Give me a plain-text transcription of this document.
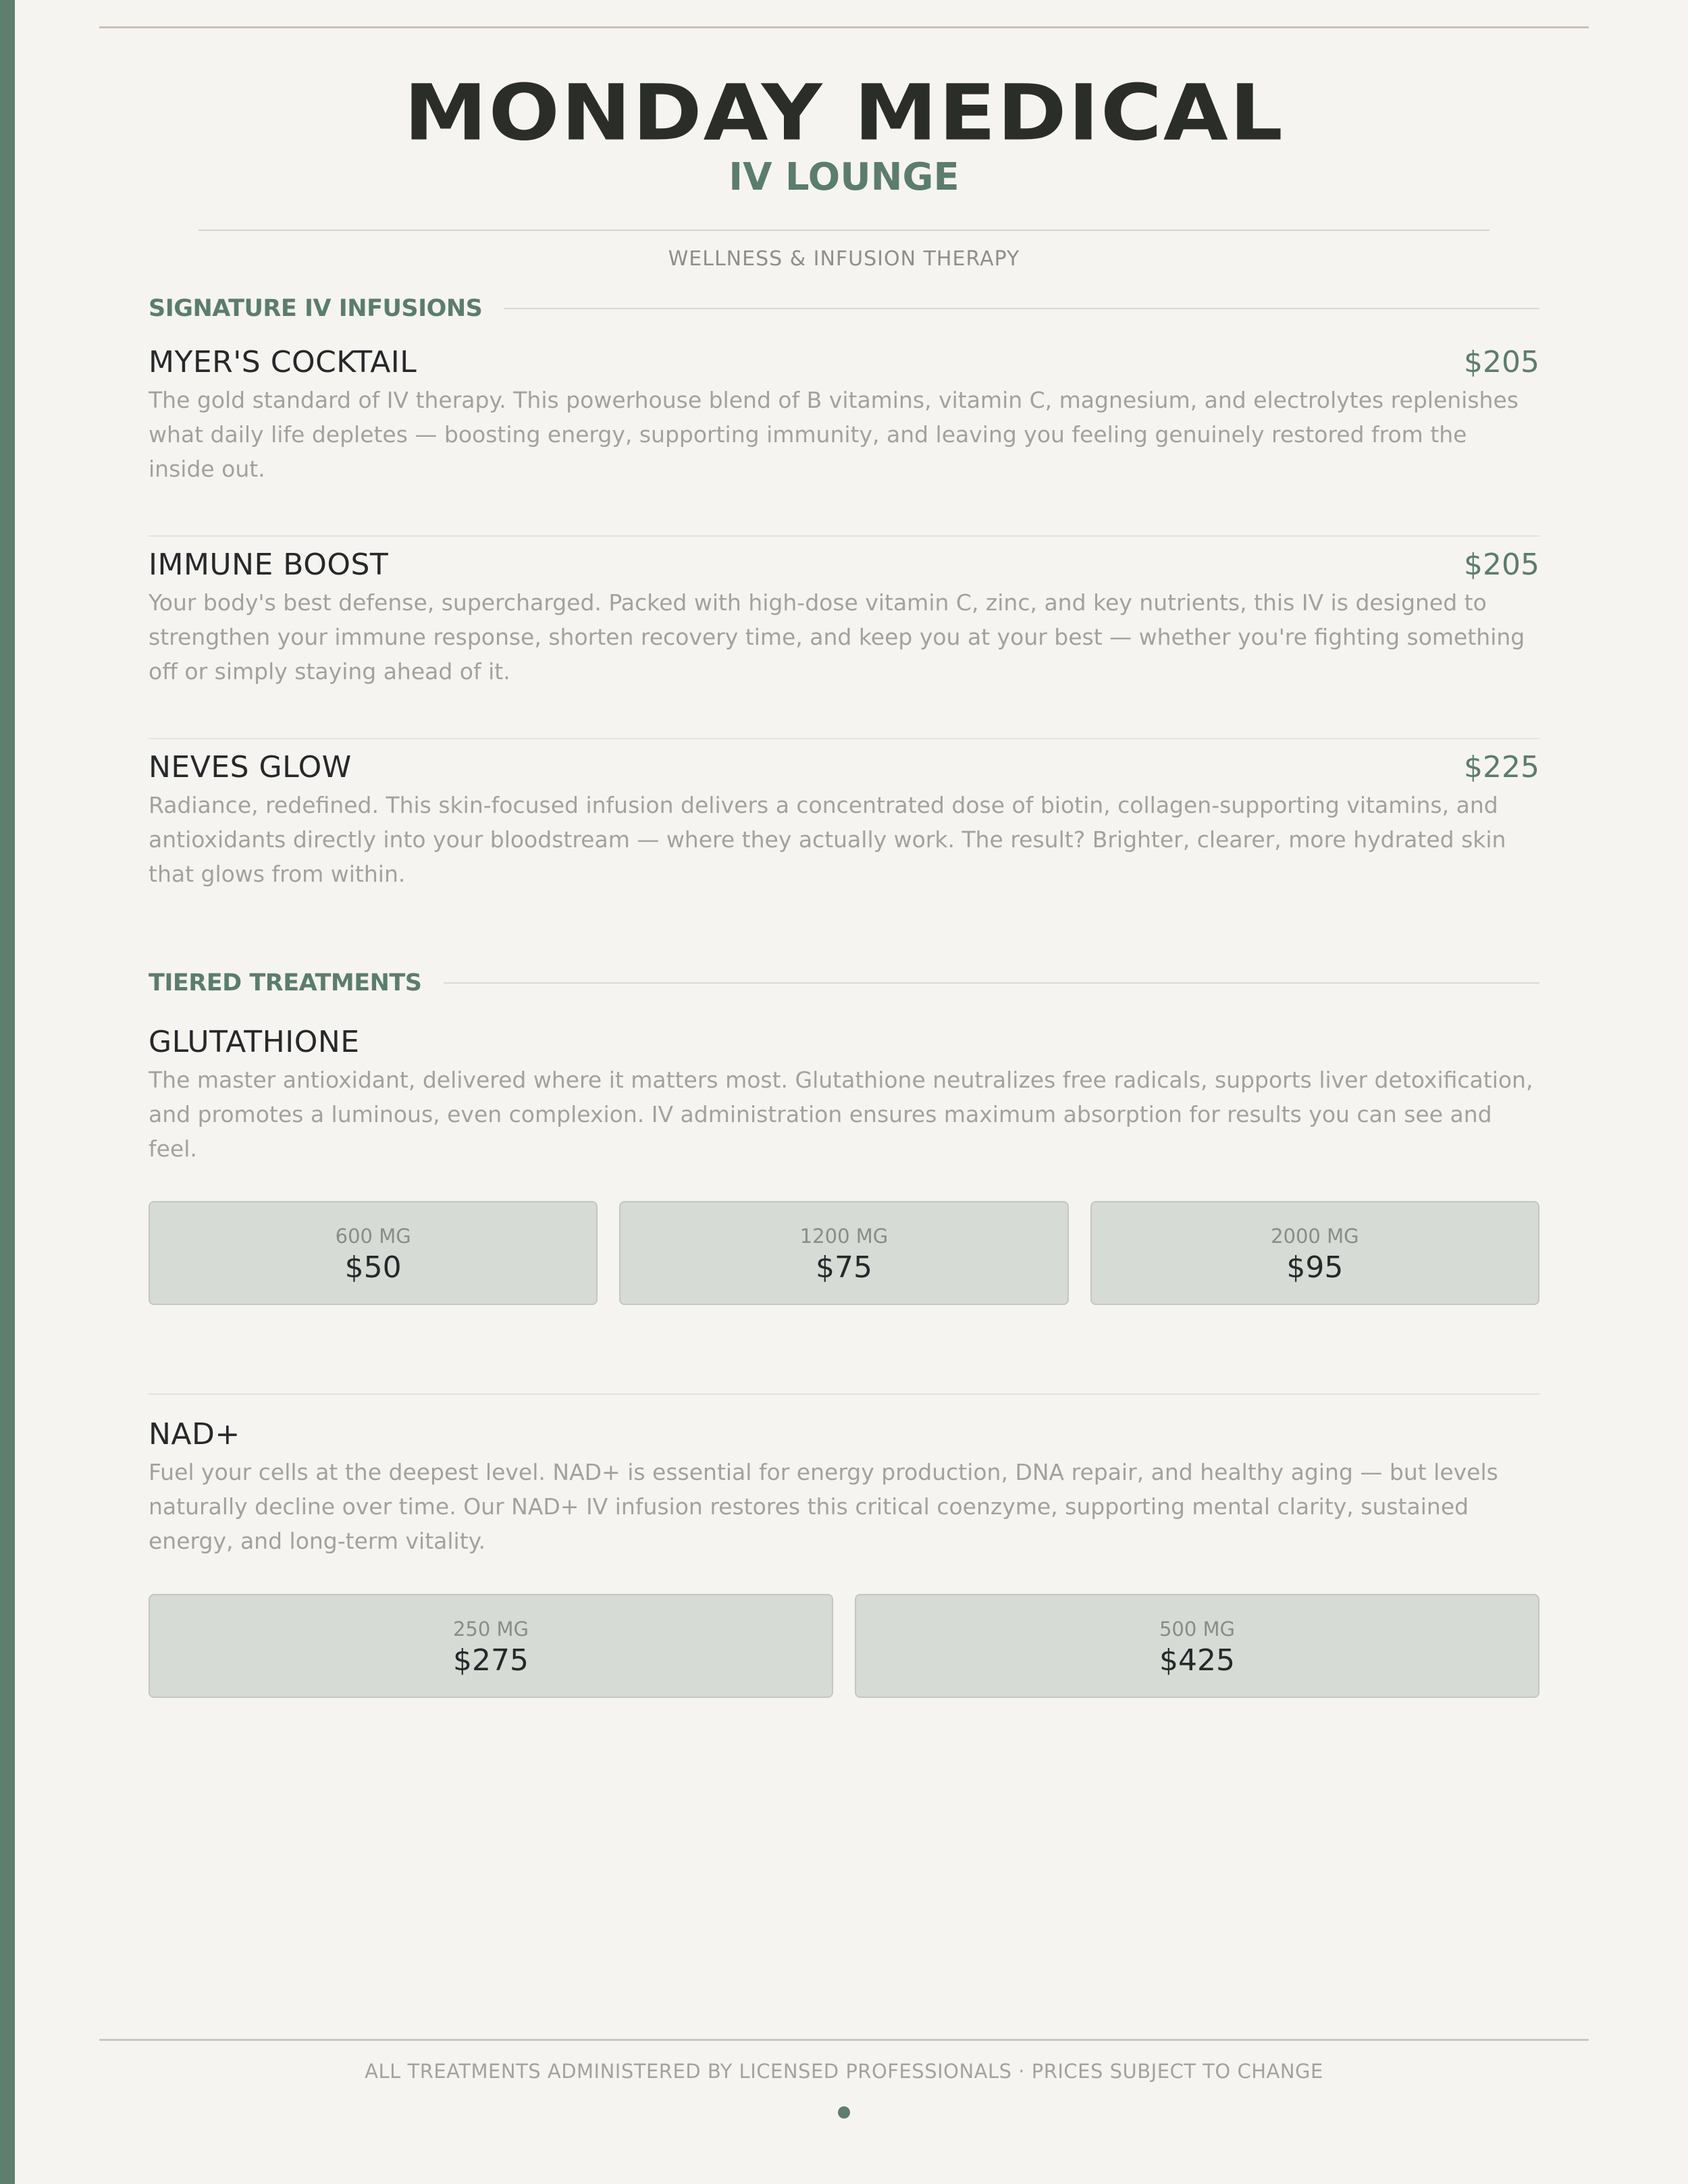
MONDAY MEDICAL
IV LOUNGE
WELLNESS & INFUSION THERAPY
SIGNATURE IV INFUSIONS
MYER'S COCKTAIL	$205
The gold standard of IV therapy. This powerhouse blend of B vitamins, vitamin C, magnesium, and electrolytes replenishes what daily life depletes — boosting energy, supporting immunity, and leaving you feeling genuinely restored from the inside out.
IMMUNE BOOST	$205
Your body's best defense, supercharged. Packed with high-dose vitamin C, zinc, and key nutrients, this IV is designed to strengthen your immune response, shorten recovery time, and keep you at your best — whether you're fighting something off or simply staying ahead of it.
NEVES GLOW	$225
Radiance, redefined. This skin-focused infusion delivers a concentrated dose of biotin, collagen-supporting vitamins, and antioxidants directly into your bloodstream — where they actually work. The result? Brighter, clearer, more hydrated skin that glows from within.
TIERED TREATMENTS
GLUTATHIONE
The master antioxidant, delivered where it matters most. Glutathione neutralizes free radicals, supports liver detoxification, and promotes a luminous, even complexion. IV administration ensures maximum absorption for results you can see and feel.
600 MG
$50
1200 MG
$75
2000 MG
$95
NAD+
Fuel your cells at the deepest level. NAD+ is essential for energy production, DNA repair, and healthy aging — but levels naturally decline over time. Our NAD+ IV infusion restores this critical coenzyme, supporting mental clarity, sustained energy, and long-term vitality.
250 MG
$275
500 MG
$425
ALL TREATMENTS ADMINISTERED BY LICENSED PROFESSIONALS · PRICES SUBJECT TO CHANGE
